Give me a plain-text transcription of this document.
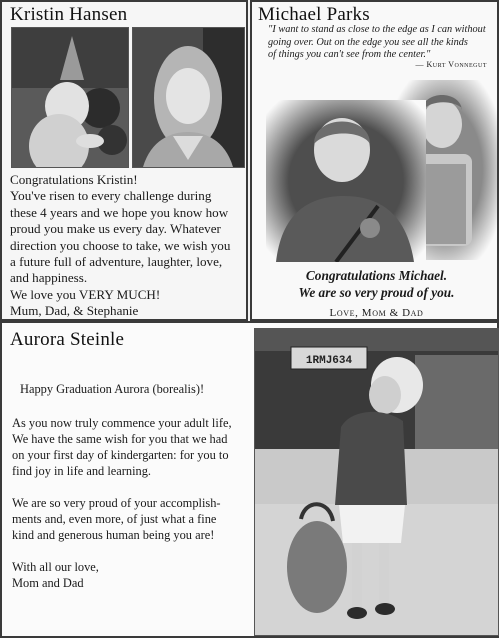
Kristin Hansen
Congratulations Kristin!
You've risen to every challenge during
these 4 years and we hope you know how
proud you make us every day. Whatever
direction you choose to take, we wish you
a future full of adventure, laughter, love,
and happiness.
We love you VERY MUCH!
Mum, Dad, & Stephanie
Michael Parks
"I want to stand as close to the edge as I can without
going over. Out on the edge you see all the kinds
of things you can't see from the center."
— Kurt Vonnegut
Congratulations Michael.
We are so very proud of you.
Love, Mom & Dad
Aurora Steinle
Happy Graduation Aurora (borealis)!
As you now truly commence your adult life,
We have the same wish for you that we had
on your first day of kindergarten: for you to
find joy in life and learning.
We are so very proud of your accomplish-
ments and, even more, of just what a fine
kind and generous human being you are!
With all our love,
Mom and Dad
1RMJ634
